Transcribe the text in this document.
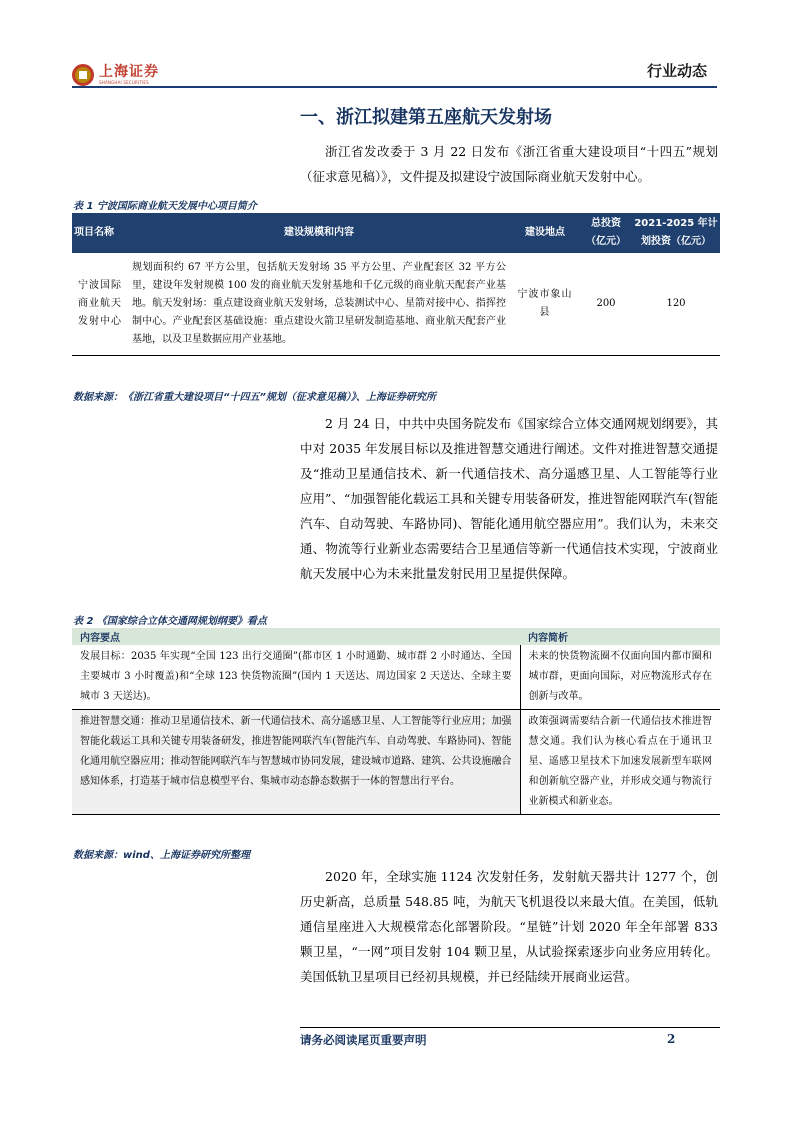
上海证券
SHANGHAI SECURITIES
行业动态
一、浙江拟建第五座航天发射场

浙江省发改委于 3 月 22 日发布《浙江省重大建设项目“十四五”规划（征求意见稿）》，文件提及拟建设宁波国际商业航天发射中心。

表 1 宁波国际商业航天发展中心项目简介
项目名称	建设规模和内容	建设地点	总投资（亿元）	2021-2025 年计划投资（亿元）
宁波国际商业航天发射中心	规划面积约 67 平方公里，包括航天发射场 35 平方公里、产业配套区 32 平方公里，建设年发射规模 100 发的商业航天发射基地和千亿元级的商业航天配套产业基地。航天发射场：重点建设商业航天发射场，总装测试中心、星箭对接中心、指挥控制中心。产业配套区基础设施：重点建设火箭卫星研发制造基地、商业航天配套产业基地，以及卫星数据应用产业基地。	宁波市象山县	200	120
数据来源：《浙江省重大建设项目“十四五”规划（征求意见稿）》、上海证券研究所

2 月 24 日，中共中央国务院发布《国家综合立体交通网规划纲要》，其中对 2035 年发展目标以及推进智慧交通进行阐述。文件对推进智慧交通提及“推动卫星通信技术、新一代通信技术、高分遥感卫星、人工智能等行业应用”、“加强智能化载运工具和关键专用装备研发，推进智能网联汽车(智能汽车、自动驾驶、车路协同)、智能化通用航空器应用”。我们认为，未来交通、物流等行业新业态需要结合卫星通信等新一代通信技术实现，宁波商业航天发展中心为未来批量发射民用卫星提供保障。

表 2 《国家综合立体交通网规划纲要》看点
内容要点	内容简析
发展目标：2035 年实现“全国 123 出行交通圈”(都市区 1 小时通勤、城市群 2 小时通达、全国主要城市 3 小时覆盖)和“全球 123 快货物流圈”(国内 1 天送达、周边国家 2 天送达、全球主要城市 3 天送达)。	未来的快货物流圈不仅面向国内都市圈和城市群，更面向国际，对应物流形式存在创新与改革。
推进智慧交通：推动卫星通信技术、新一代通信技术、高分遥感卫星、人工智能等行业应用；加强智能化载运工具和关键专用装备研发，推进智能网联汽车(智能汽车、自动驾驶、车路协同)、智能化通用航空器应用；推动智能网联汽车与智慧城市协同发展，建设城市道路、建筑、公共设施融合感知体系，打造基于城市信息模型平台、集城市动态静态数据于一体的智慧出行平台。	政策强调需要结合新一代通信技术推进智慧交通。我们认为核心看点在于通讯卫星、遥感卫星技术下加速发展新型车联网和创新航空器产业，并形成交通与物流行业新模式和新业态。
数据来源：wind、上海证券研究所整理

2020 年，全球实施 1124 次发射任务，发射航天器共计 1277 个，创历史新高，总质量 548.85 吨，为航天飞机退役以来最大值。在美国，低轨通信星座进入大规模常态化部署阶段。“星链”计划 2020 年全年部署 833 颗卫星，“一网”项目发射 104 颗卫星，从试验探索逐步向业务应用转化。美国低轨卫星项目已经初具规模，并已经陆续开展商业运营。

请务必阅读尾页重要声明	2
